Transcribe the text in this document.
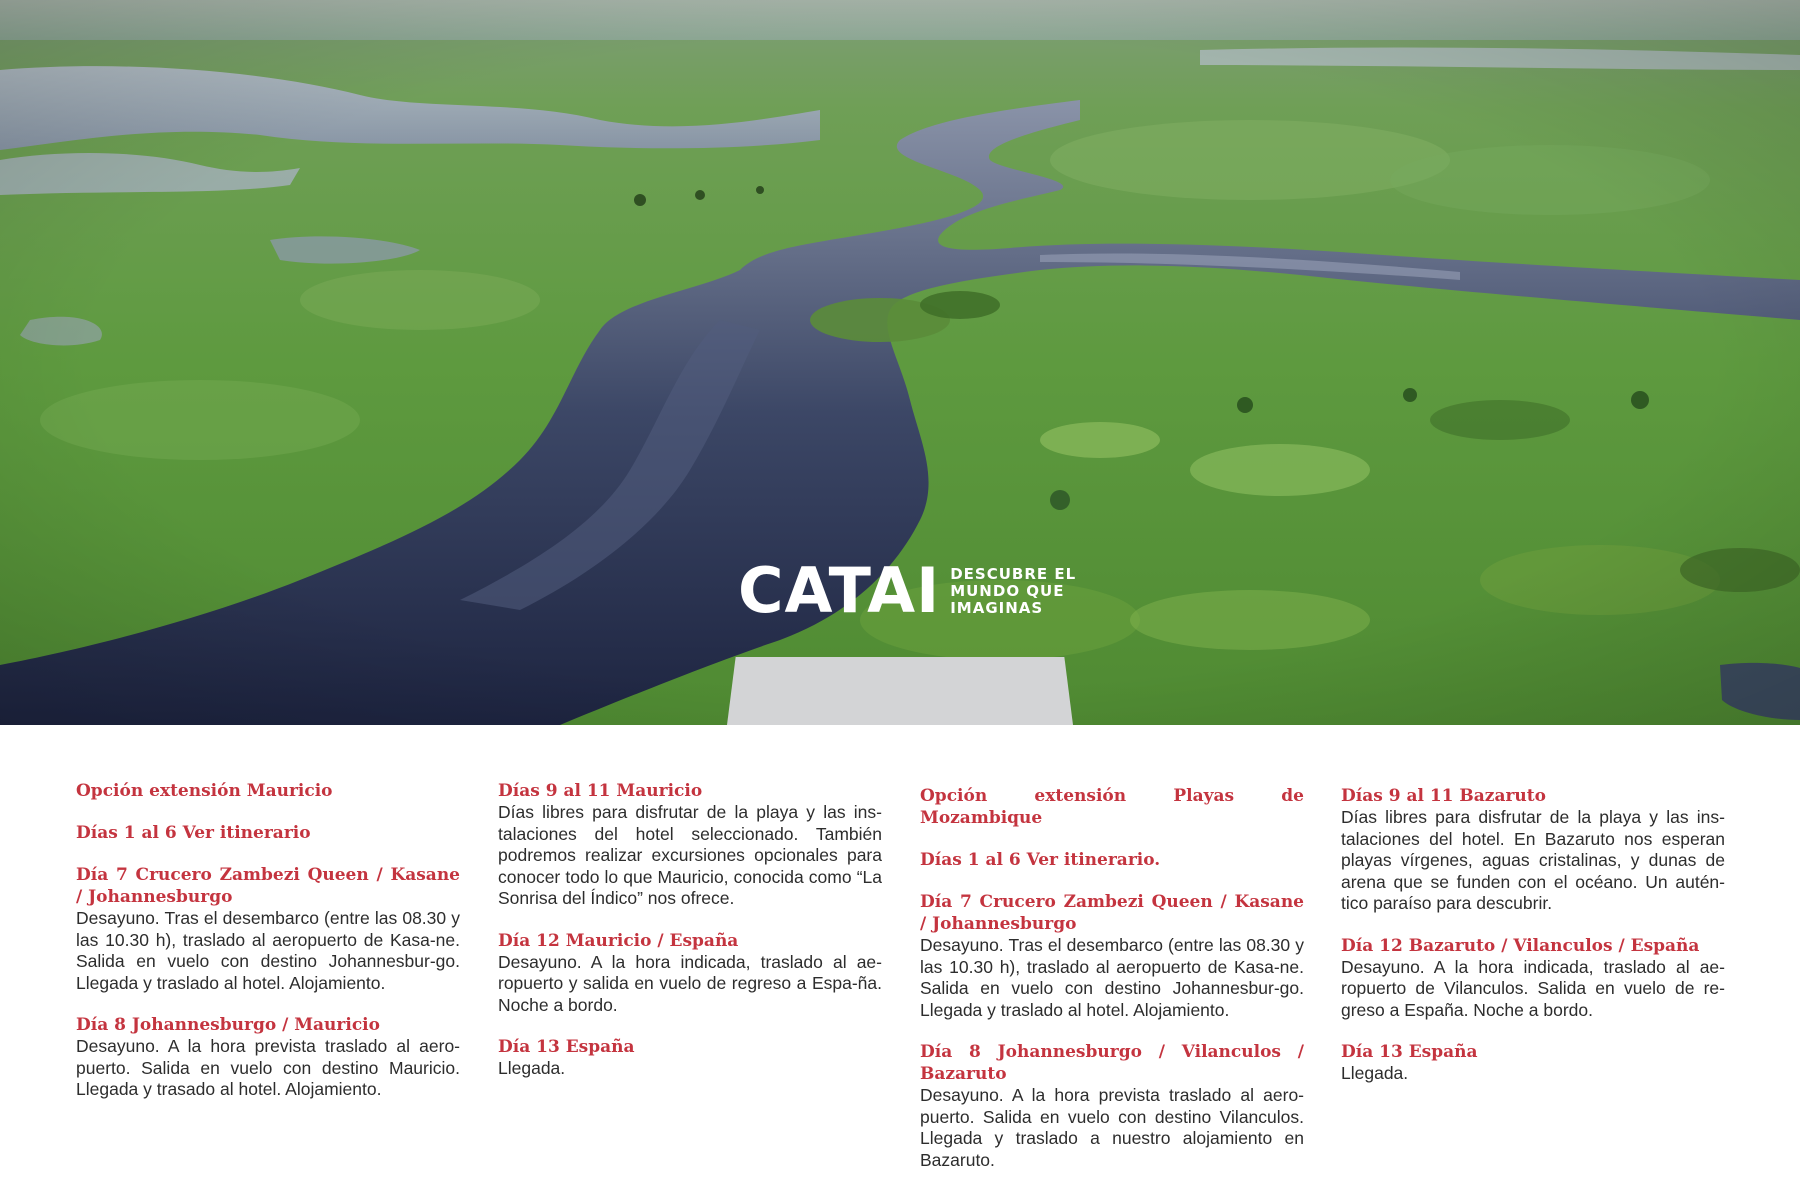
CATAI DESCUBRE EL
MUNDO QUE
IMAGINAS

Opción extensión Mauricio

Días 1 al 6 Ver itinerario

Día 7 Crucero Zambezi Queen / Kasane / Johannesburgo

Desayuno. Tras el desembarco (entre las 08.30 y las 10.30 h), traslado al aeropuerto de Kasa-ne. Salida en vuelo con destino Johannesbur-go. Llegada y traslado al hotel. Alojamiento.

Día 8 Johannesburgo / Mauricio

Desayuno. A la hora prevista traslado al aero-puerto. Salida en vuelo con destino Mauricio. Llegada y trasado al hotel. Alojamiento.

Días 9 al 11 Mauricio

Días libres para disfrutar de la playa y las ins-talaciones del hotel seleccionado. También podremos realizar excursiones opcionales para conocer todo lo que Mauricio, conocida como “La Sonrisa del Índico” nos ofrece.

Día 12 Mauricio / España

Desayuno. A la hora indicada, traslado al ae-ropuerto y salida en vuelo de regreso a Espa-ña. Noche a bordo.

Día 13 España

Llegada.

Opción extensión Playas de Mozambique

Días 1 al 6 Ver itinerario.

Día 7 Crucero Zambezi Queen / Kasane / Johannesburgo

Desayuno. Tras el desembarco (entre las 08.30 y las 10.30 h), traslado al aeropuerto de Kasa-ne. Salida en vuelo con destino Johannesbur-go. Llegada y traslado al hotel. Alojamiento.

Día 8 Johannesburgo / Vilanculos / Bazaruto

Desayuno. A la hora prevista traslado al aero-puerto. Salida en vuelo con destino Vilanculos. Llegada y traslado a nuestro alojamiento en Bazaruto.

Días 9 al 11 Bazaruto

Días libres para disfrutar de la playa y las ins-talaciones del hotel. En Bazaruto nos esperan playas vírgenes, aguas cristalinas, y dunas de arena que se funden con el océano. Un autén-tico paraíso para descubrir.

Día 12 Bazaruto / Vilanculos / España

Desayuno. A la hora indicada, traslado al ae-ropuerto de Vilanculos. Salida en vuelo de re-greso a España. Noche a bordo.

Día 13 España

Llegada.
